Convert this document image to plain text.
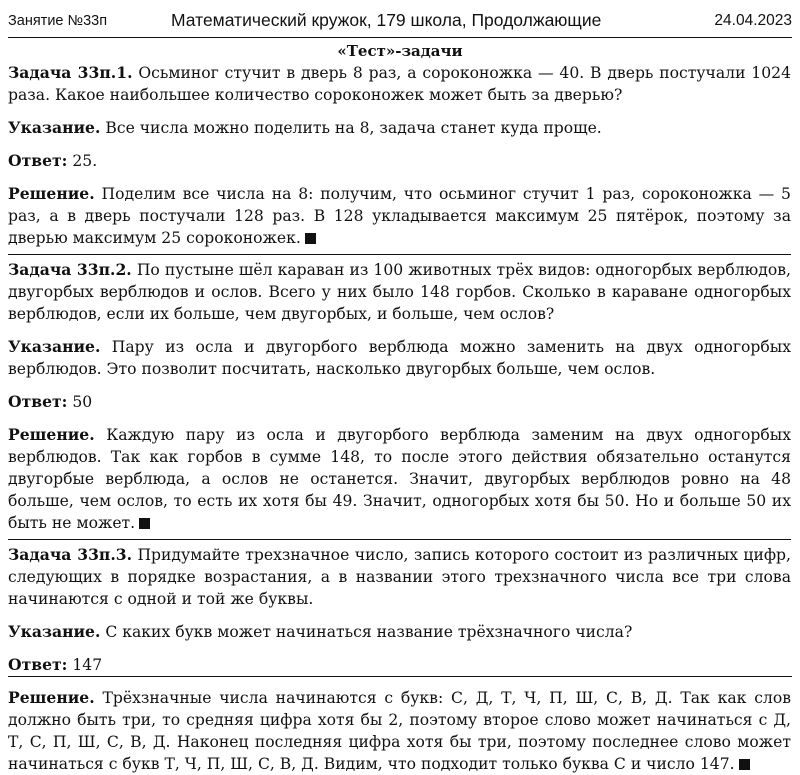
Занятие №33п	Математический кружок, 179 школа, Продолжающие	24.04.2023
«Тест»-задачи

Задача 33п.1. Осьминог стучит в дверь 8 раз, а сороконожка — 40. В дверь постучали 1024 раза. Какое наибольшее количество сороконожек может быть за дверью?

Указание. Все числа можно поделить на 8, задача станет куда проще.

Ответ: 25.

Решение. Поделим все числа на 8: получим, что осьминог стучит 1 раз, сороконожка — 5 раз, а в дверь постучали 128 раз. В 128 укладывается максимум 25 пятёрок, поэтому за дверью максимум 25 сороконожек.

Задача 33п.2. По пустыне шёл караван из 100 животных трёх видов: одногорбых верблюдов, двугорбых верблюдов и ослов. Всего у них было 148 горбов. Сколько в караване одногорбых верблюдов, если их больше, чем двугорбых, и больше, чем ослов?

Указание. Пару из осла и двугорбого верблюда можно заменить на двух одногорбых верблюдов. Это позволит посчитать, насколько двугорбых больше, чем ослов.

Ответ: 50

Решение. Каждую пару из осла и двугорбого верблюда заменим на двух одногорбых верблюдов. Так как горбов в сумме 148, то после этого действия обязательно останутся двугорбые верблюда, а ослов не останется. Значит, двугорбых верблюдов ровно на 48 больше, чем ослов, то есть их хотя бы 49. Значит, одногорбых хотя бы 50. Но и больше 50 их быть не может.

Задача 33п.3. Придумайте трехзначное число, запись которого состоит из различных цифр, следующих в порядке возрастания, а в названии этого трехзначного числа все три слова начинаются с одной и той же буквы.

Указание. С каких букв может начинаться название трёхзначного числа?

Ответ: 147

Решение. Трёхзначные числа начинаются с букв: С, Д, Т, Ч, П, Ш, С, В, Д. Так как слов должно быть три, то средняя цифра хотя бы 2, поэтому второе слово может начинаться с Д, Т, С, П, Ш, С, В, Д. Наконец последняя цифра хотя бы три, поэтому последнее слово может начинаться с букв Т, Ч, П, Ш, С, В, Д. Видим, что подходит только буква С и число 147.
